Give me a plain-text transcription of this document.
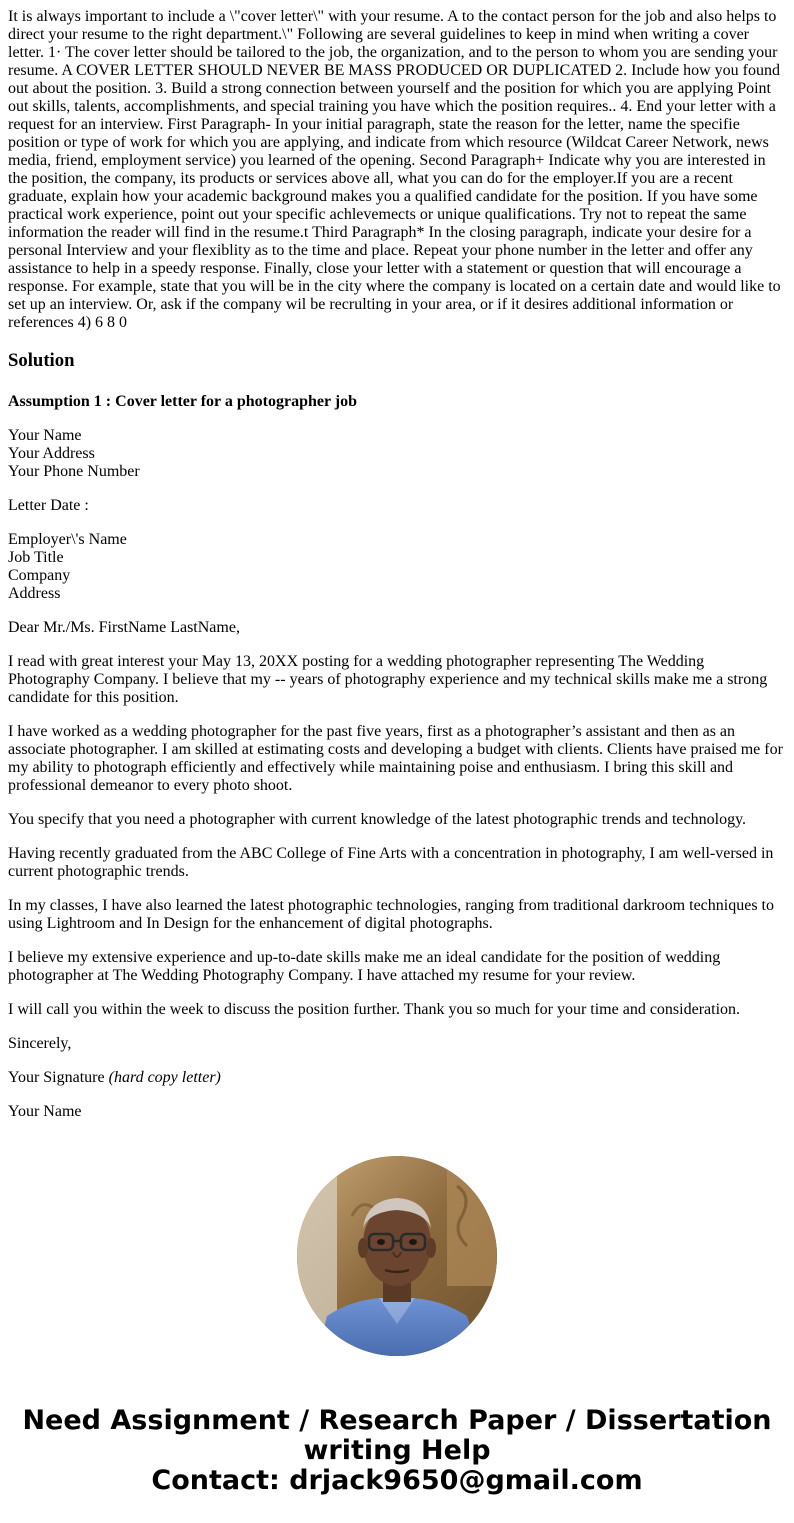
It is always important to include a \"cover letter\" with your resume. A to the contact person for the job and also helps to direct your resume to the right department.\" Following are several guidelines to keep in mind when writing a cover letter. 1· The cover letter should be tailored to the job, the organization, and to the person to whom you are sending your resume. A COVER LETTER SHOULD NEVER BE MASS PRODUCED OR DUPLICATED 2. Include how you found out about the position. 3. Build a strong connection between yourself and the position for which you are applying Point out skills, talents, accomplishments, and special training you have which the position requires.. 4. End your letter with a request for an interview. First Paragraph- In your initial paragraph, state the reason for the letter, name the specifie position or type of work for which you are applying, and indicate from which resource (Wildcat Career Network, news media, friend, employment service) you learned of the opening. Second Paragraph+ Indicate why you are interested in the position, the company, its products or services above all, what you can do for the employer.If you are a recent graduate, explain how your academic background makes you a qualified candidate for the position. If you have some practical work experience, point out your specific achlevemects or unique qualifications. Try not to repeat the same information the reader will find in the resume.t Third Paragraph* In the closing paragraph, indicate your desire for a personal Interview and your flexiblity as to the time and place. Repeat your phone number in the letter and offer any assistance to help in a speedy response. Finally, close your letter with a statement or question that will encourage a response. For example, state that you will be in the city where the company is located on a certain date and would like to set up an interview. Or, ask if the company wil be recrulting in your area, or if it desires additional information or references 4) 6 8 0
Solution
Assumption 1 : Cover letter for a photographer job

Your Name
Your Address
Your Phone Number

Letter Date :

Employer\'s Name
Job Title
Company
Address

Dear Mr./Ms. FirstName LastName,

I read with great interest your May 13, 20XX posting for a wedding photographer representing The Wedding Photography Company. I believe that my -- years of photography experience and my technical skills make me a strong candidate for this position.

I have worked as a wedding photographer for the past five years, first as a photographer’s assistant and then as an associate photographer. I am skilled at estimating costs and developing a budget with clients. Clients have praised me for my ability to photograph efficiently and effectively while maintaining poise and enthusiasm. I bring this skill and professional demeanor to every photo shoot.

You specify that you need a photographer with current knowledge of the latest photographic trends and technology.

Having recently graduated from the ABC College of Fine Arts with a concentration in photography, I am well-versed in current photographic trends.

In my classes, I have also learned the latest photographic technologies, ranging from traditional darkroom techniques to using Lightroom and In Design for the enhancement of digital photographs.

I believe my extensive experience and up-to-date skills make me an ideal candidate for the position of wedding photographer at The Wedding Photography Company. I have attached my resume for your review.

I will call you within the week to discuss the position further. Thank you so much for your time and consideration.

Sincerely,

Your Signature (hard copy letter)

Your Name

Need Assignment / Research Paper / Dissertation
writing Help
Contact: drjack9650@gmail.com
